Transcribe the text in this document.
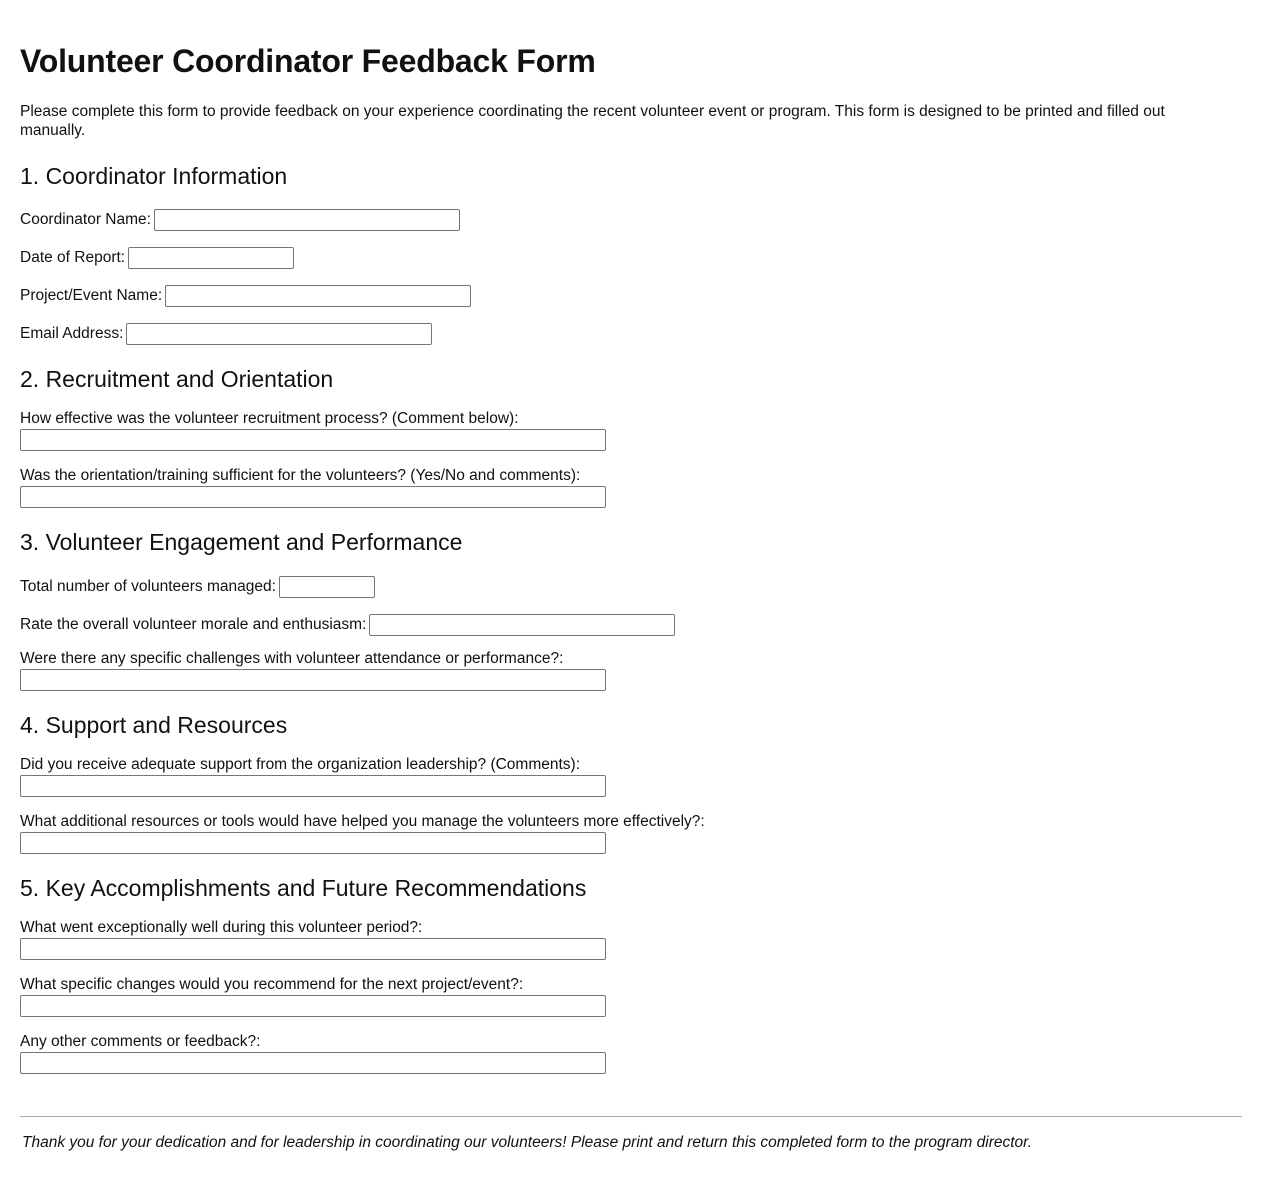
Volunteer Coordinator Feedback Form

Please complete this form to provide feedback on your experience coordinating the recent volunteer event or program. This form is designed to be printed and filled out manually.

1. Coordinator Information
Coordinator Name:
Date of Report:
Project/Event Name:
Email Address:
2. Recruitment and Orientation
How effective was the volunteer recruitment process? (Comment below):
Was the orientation/training sufficient for the volunteers? (Yes/No and comments):
3. Volunteer Engagement and Performance
Total number of volunteers managed:
Rate the overall volunteer morale and enthusiasm:
Were there any specific challenges with volunteer attendance or performance?:
4. Support and Resources
Did you receive adequate support from the organization leadership? (Comments):
What additional resources or tools would have helped you manage the volunteers more effectively?:
5. Key Accomplishments and Future Recommendations
What went exceptionally well during this volunteer period?:
What specific changes would you recommend for the next project/event?:
Any other comments or feedback?:
Thank you for your dedication and for leadership in coordinating our volunteers! Please print and return this completed form to the program director.
